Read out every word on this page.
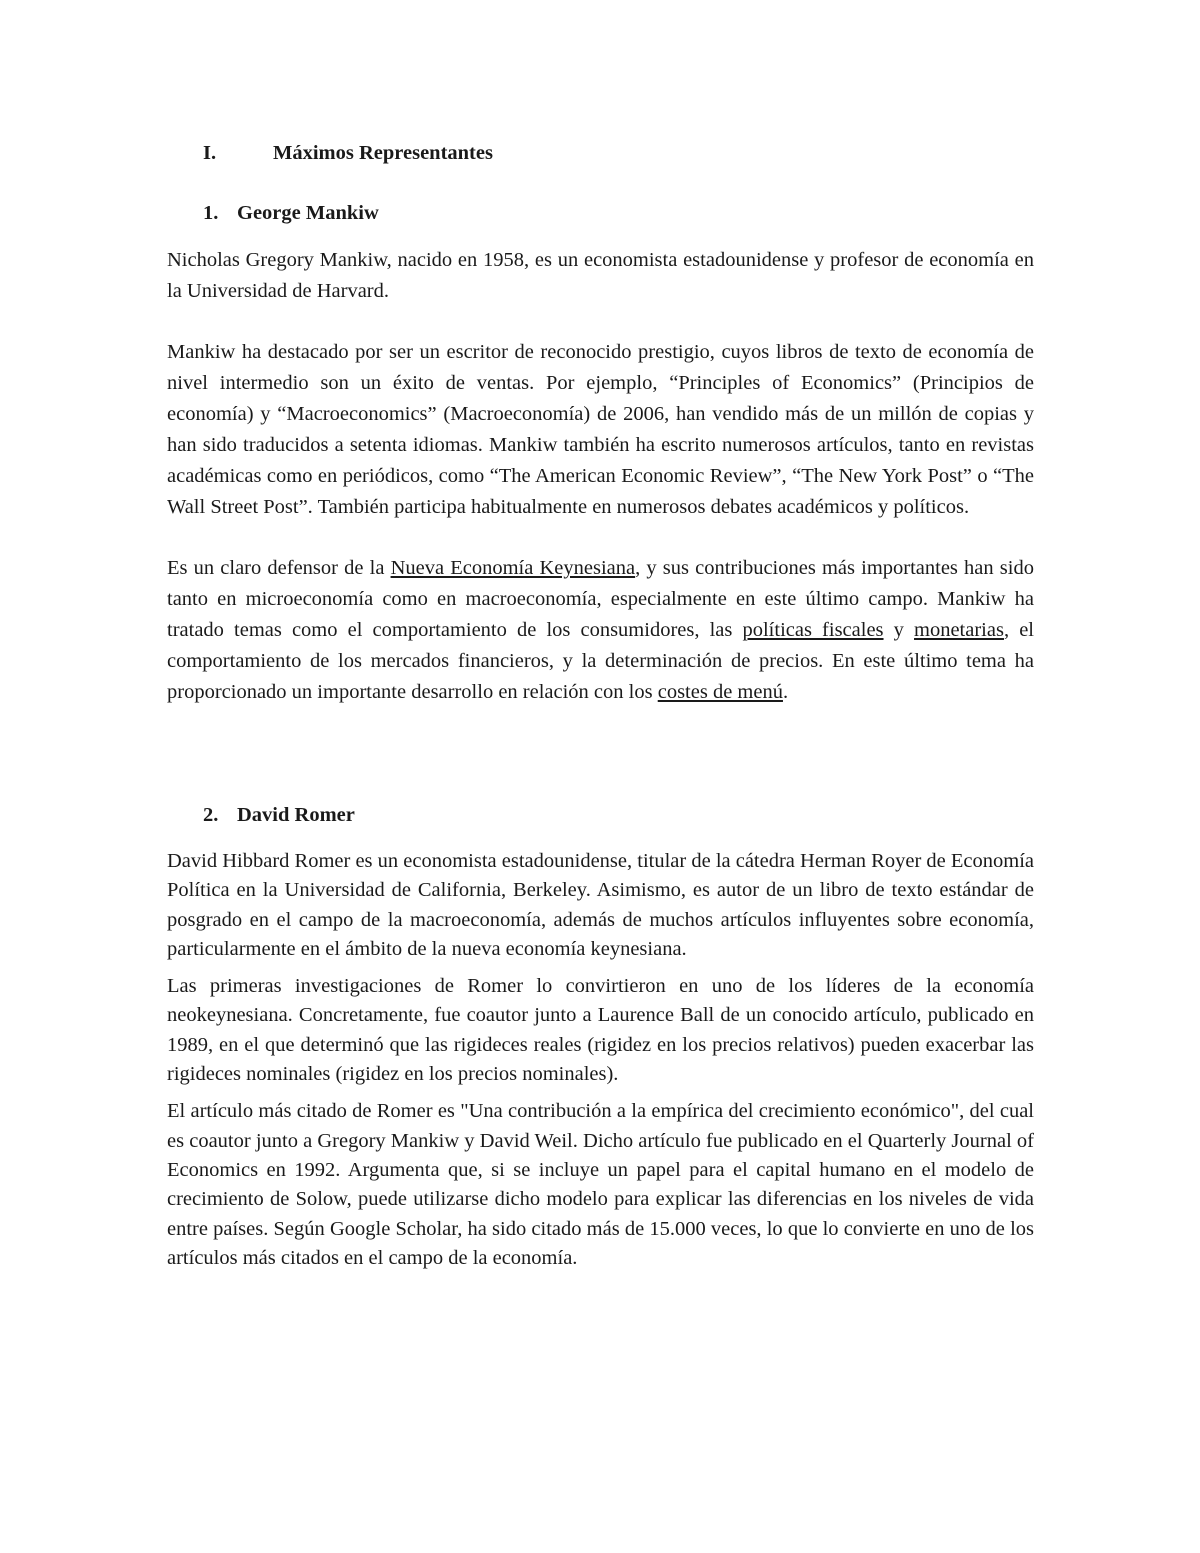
I.	Máximos Representantes
1. George Mankiw

Nicholas Gregory Mankiw, nacido en 1958, es un economista estadounidense y profesor de economía en la Universidad de Harvard.

Mankiw ha destacado por ser un escritor de reconocido prestigio, cuyos libros de texto de economía de nivel intermedio son un éxito de ventas. Por ejemplo, “Principles of Economics” (Principios de economía) y “Macroeconomics” (Macroeconomía) de 2006, han vendido más de un millón de copias y han sido traducidos a setenta idiomas. Mankiw también ha escrito numerosos artículos, tanto en revistas académicas como en periódicos, como “The American Economic Review”, “The New York Post” o “The Wall Street Post”. También participa habitualmente en numerosos debates académicos y políticos.

Es un claro defensor de la Nueva Economía Keynesiana, y sus contribuciones más importantes han sido tanto en microeconomía como en macroeconomía, especialmente en este último campo. Mankiw ha tratado temas como el comportamiento de los consumidores, las políticas fiscales y monetarias, el comportamiento de los mercados financieros, y la determinación de precios. En este último tema ha proporcionado un importante desarrollo en relación con los costes de menú.

2. David Romer

David Hibbard Romer es un economista estadounidense, titular de la cátedra Herman Royer de Economía Política en la Universidad de California, Berkeley. Asimismo, es autor de un libro de texto estándar de posgrado en el campo de la macroeconomía, además de muchos artículos influyentes sobre economía, particularmente en el ámbito de la nueva economía keynesiana.

Las primeras investigaciones de Romer lo convirtieron en uno de los líderes de la economía neokeynesiana. Concretamente, fue coautor junto a Laurence Ball de un conocido artículo, publicado en 1989, en el que determinó que las rigideces reales (rigidez en los precios relativos) pueden exacerbar las rigideces nominales (rigidez en los precios nominales).

El artículo más citado de Romer es "Una contribución a la empírica del crecimiento económico", del cual es coautor junto a Gregory Mankiw y David Weil. Dicho artículo fue publicado en el Quarterly Journal of Economics en 1992. Argumenta que, si se incluye un papel para el capital humano en el modelo de crecimiento de Solow, puede utilizarse dicho modelo para explicar las diferencias en los niveles de vida entre países. Según Google Scholar, ha sido citado más de 15.000 veces, lo que lo convierte en uno de los artículos más citados en el campo de la economía.
